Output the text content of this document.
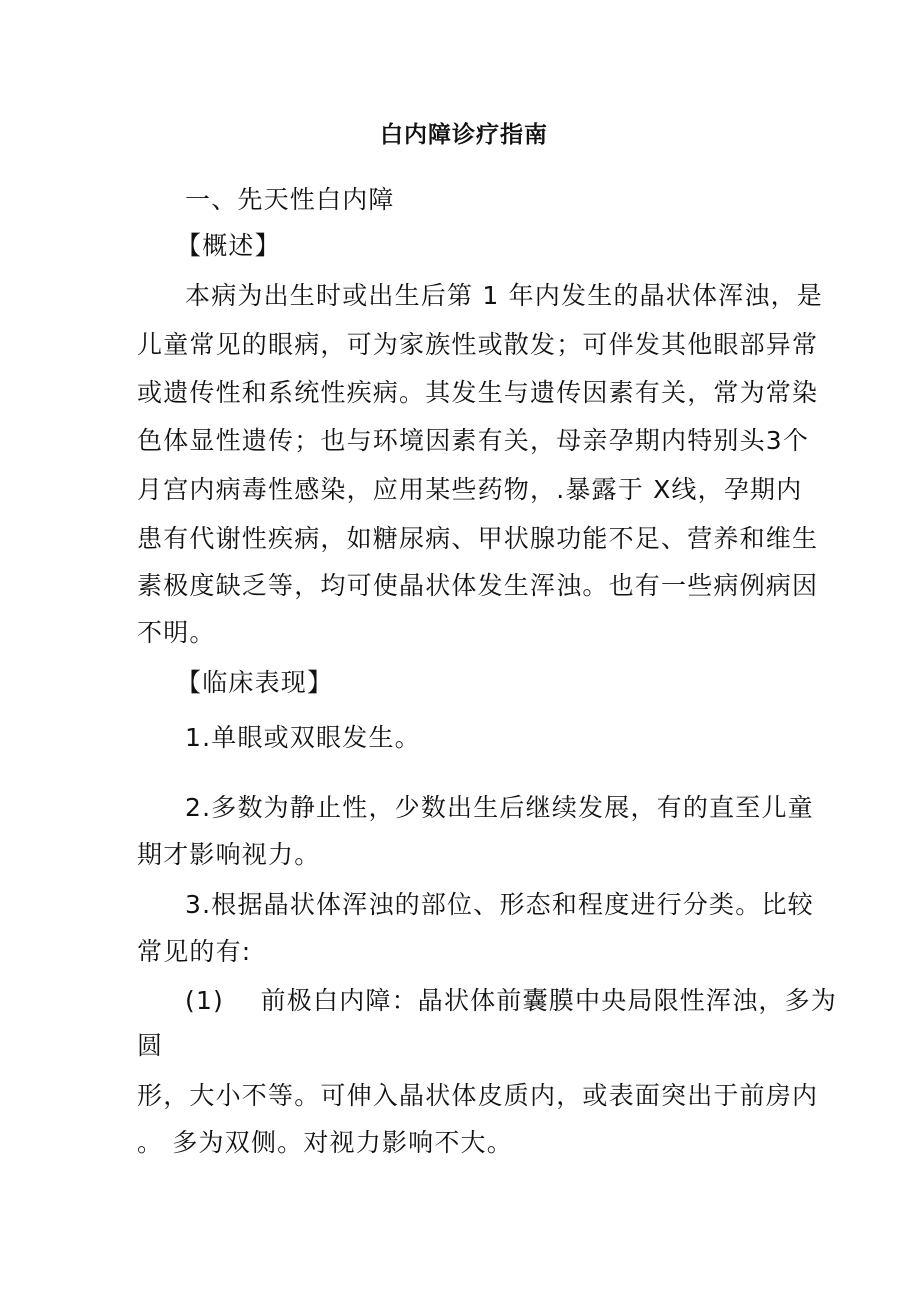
白内障诊疗指南
一、先天性白内障
【概述】
本病为出生时或出生后第 1 年内发生的晶状体浑浊，是
儿童常见的眼病，可为家族性或散发；可伴发其他眼部异常
或遗传性和系统性疾病。其发生与遗传因素有关，常为常染
色体显性遗传；也与环境因素有关，母亲孕期内特别头3个
月宫内病毒性感染，应用某些药物，.暴露于 X线，孕期内
患有代谢性疾病，如糖尿病、甲状腺功能不足、营养和维生
素极度缺乏等，均可使晶状体发生浑浊。也有一些病例病因
不明。
【临床表现】
1.单眼或双眼发生。
2.多数为静止性，少数出生后继续发展，有的直至儿童
期才影响视力。
3.根据晶状体浑浊的部位、形态和程度进行分类。比较
常见的有:
(1)    前极白内障：晶状体前囊膜中央局限性浑浊，多为
圆
形，大小不等。可伸入晶状体皮质内，或表面突出于前房内
。 多为双侧。对视力影响不大。
